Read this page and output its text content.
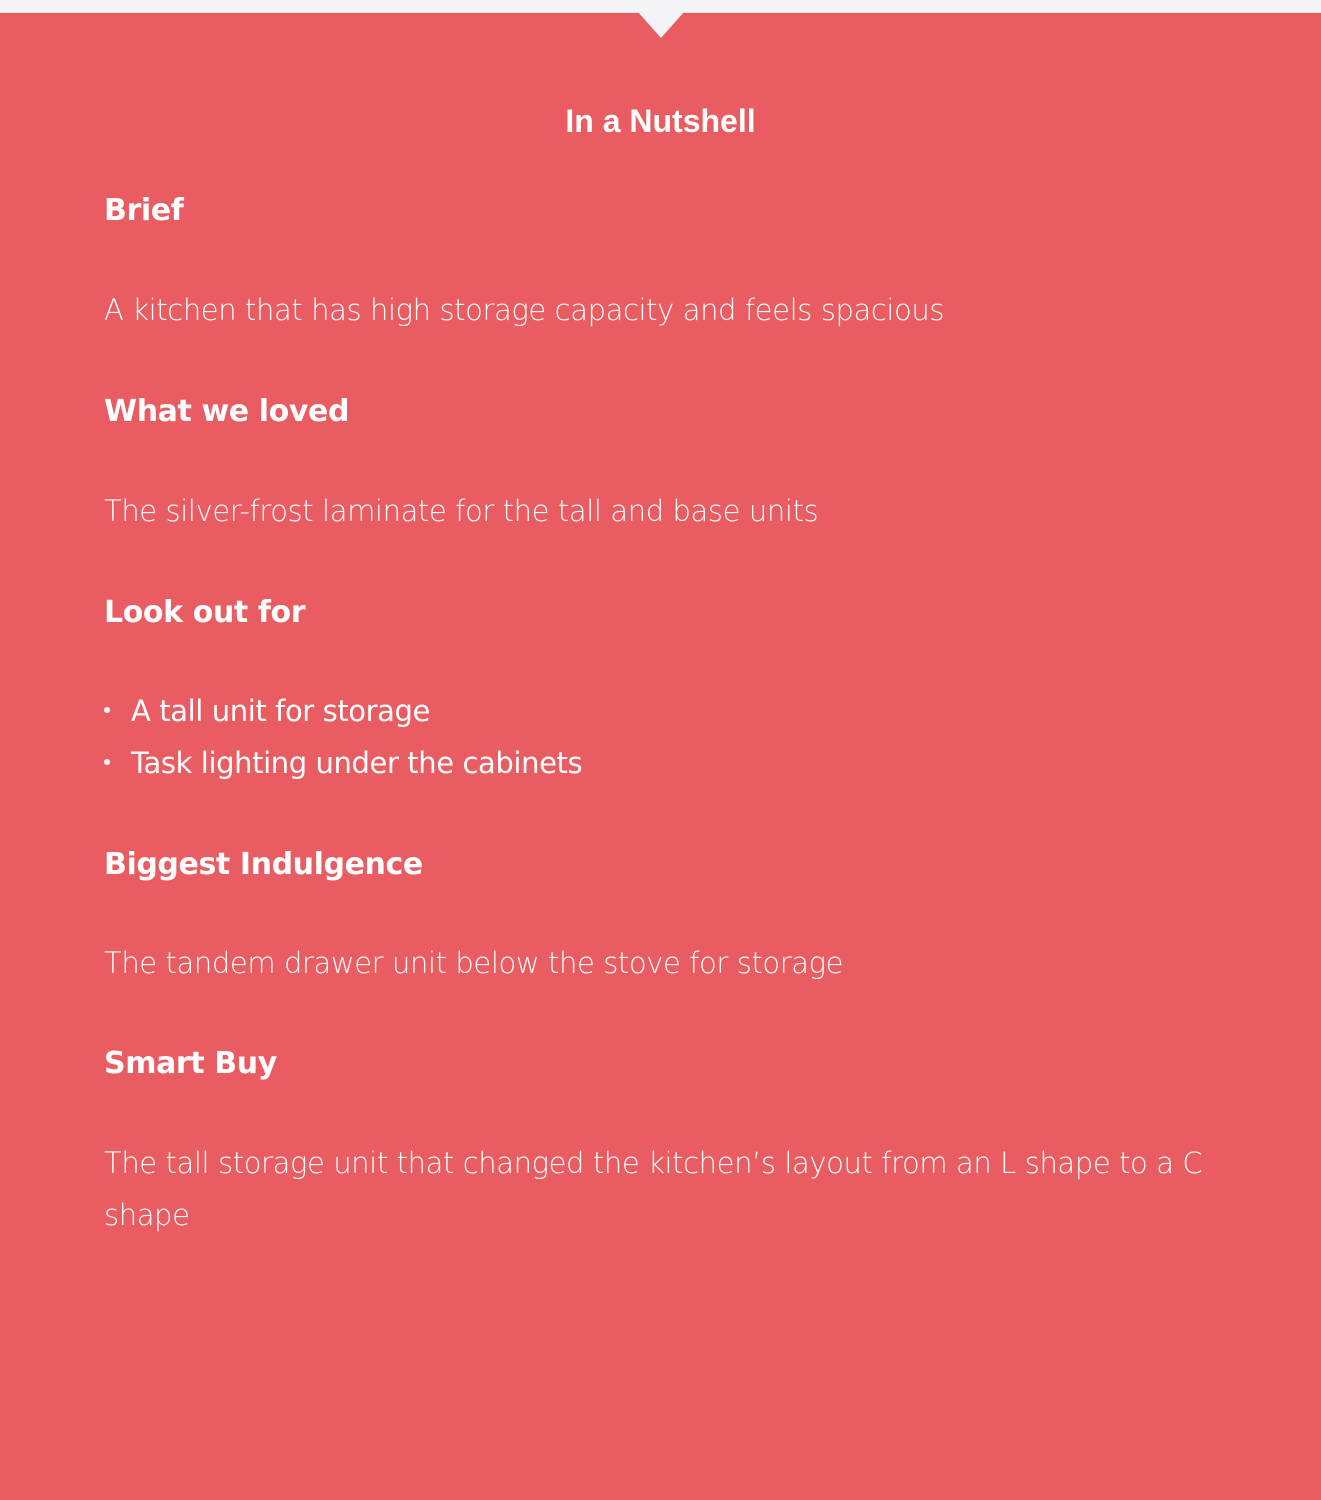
In a Nutshell
Brief

A kitchen that has high storage capacity and feels spacious

What we loved

The silver-frost laminate for the tall and base units

Look out for
A tall unit for storage
Task lighting under the cabinets
Biggest Indulgence

The tandem drawer unit below the stove for storage

Smart Buy

The tall storage unit that changed the kitchen’s layout from an L shape to a C shape
